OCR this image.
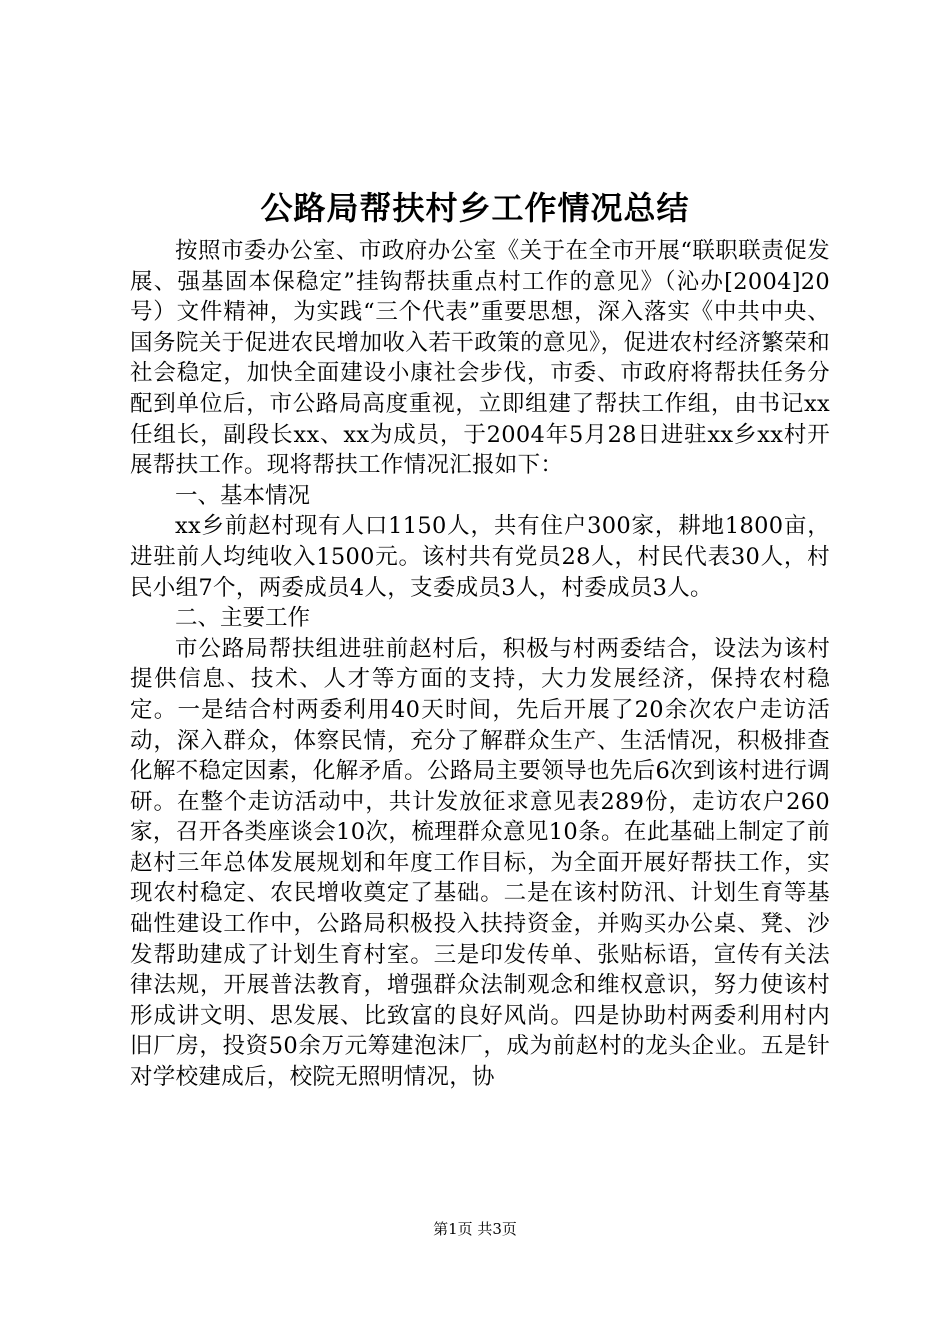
公路局帮扶村乡工作情况总结

按照市委办公室、市政府办公室《关于在全市开展“联职联责促发展、强基固本保稳定”挂钩帮扶重点村工作的意见》（沁办[2004]20号）文件精神，为实践“三个代表”重要思想，深入落实《中共中央、国务院关于促进农民增加收入若干政策的意见》，促进农村经济繁荣和社会稳定，加快全面建设小康社会步伐，市委、市政府将帮扶任务分配到单位后，市公路局高度重视，立即组建了帮扶工作组，由书记xx任组长，副段长xx、xx为成员，于2004年5月28日进驻xx乡xx村开展帮扶工作。现将帮扶工作情况汇报如下：

一、基本情况

xx乡前赵村现有人口1150人，共有住户300家，耕地1800亩，进驻前人均纯收入1500元。该村共有党员28人，村民代表30人，村民小组7个，两委成员4人，支委成员3人，村委成员3人。

二、主要工作

市公路局帮扶组进驻前赵村后，积极与村两委结合，设法为该村提供信息、技术、人才等方面的支持，大力发展经济，保持农村稳定。一是结合村两委利用40天时间，先后开展了20余次农户走访活动，深入群众，体察民情，充分了解群众生产、生活情况，积极排查化解不稳定因素，化解矛盾。公路局主要领导也先后6次到该村进行调研。在整个走访活动中，共计发放征求意见表289份，走访农户260家，召开各类座谈会10次，梳理群众意见10条。在此基础上制定了前赵村三年总体发展规划和年度工作目标，为全面开展好帮扶工作，实现农村稳定、农民增收奠定了基础。二是在该村防汛、计划生育等基础性建设工作中，公路局积极投入扶持资金，并购买办公桌、凳、沙发帮助建成了计划生育村室。三是印发传单、张贴标语，宣传有关法律法规，开展普法教育，增强群众法制观念和维权意识，努力使该村形成讲文明、思发展、比致富的良好风尚。四是协助村两委利用村内旧厂房，投资50余万元筹建泡沫厂，成为前赵村的龙头企业。五是针对学校建成后，校院无照明情况，协

第1页 共3页
